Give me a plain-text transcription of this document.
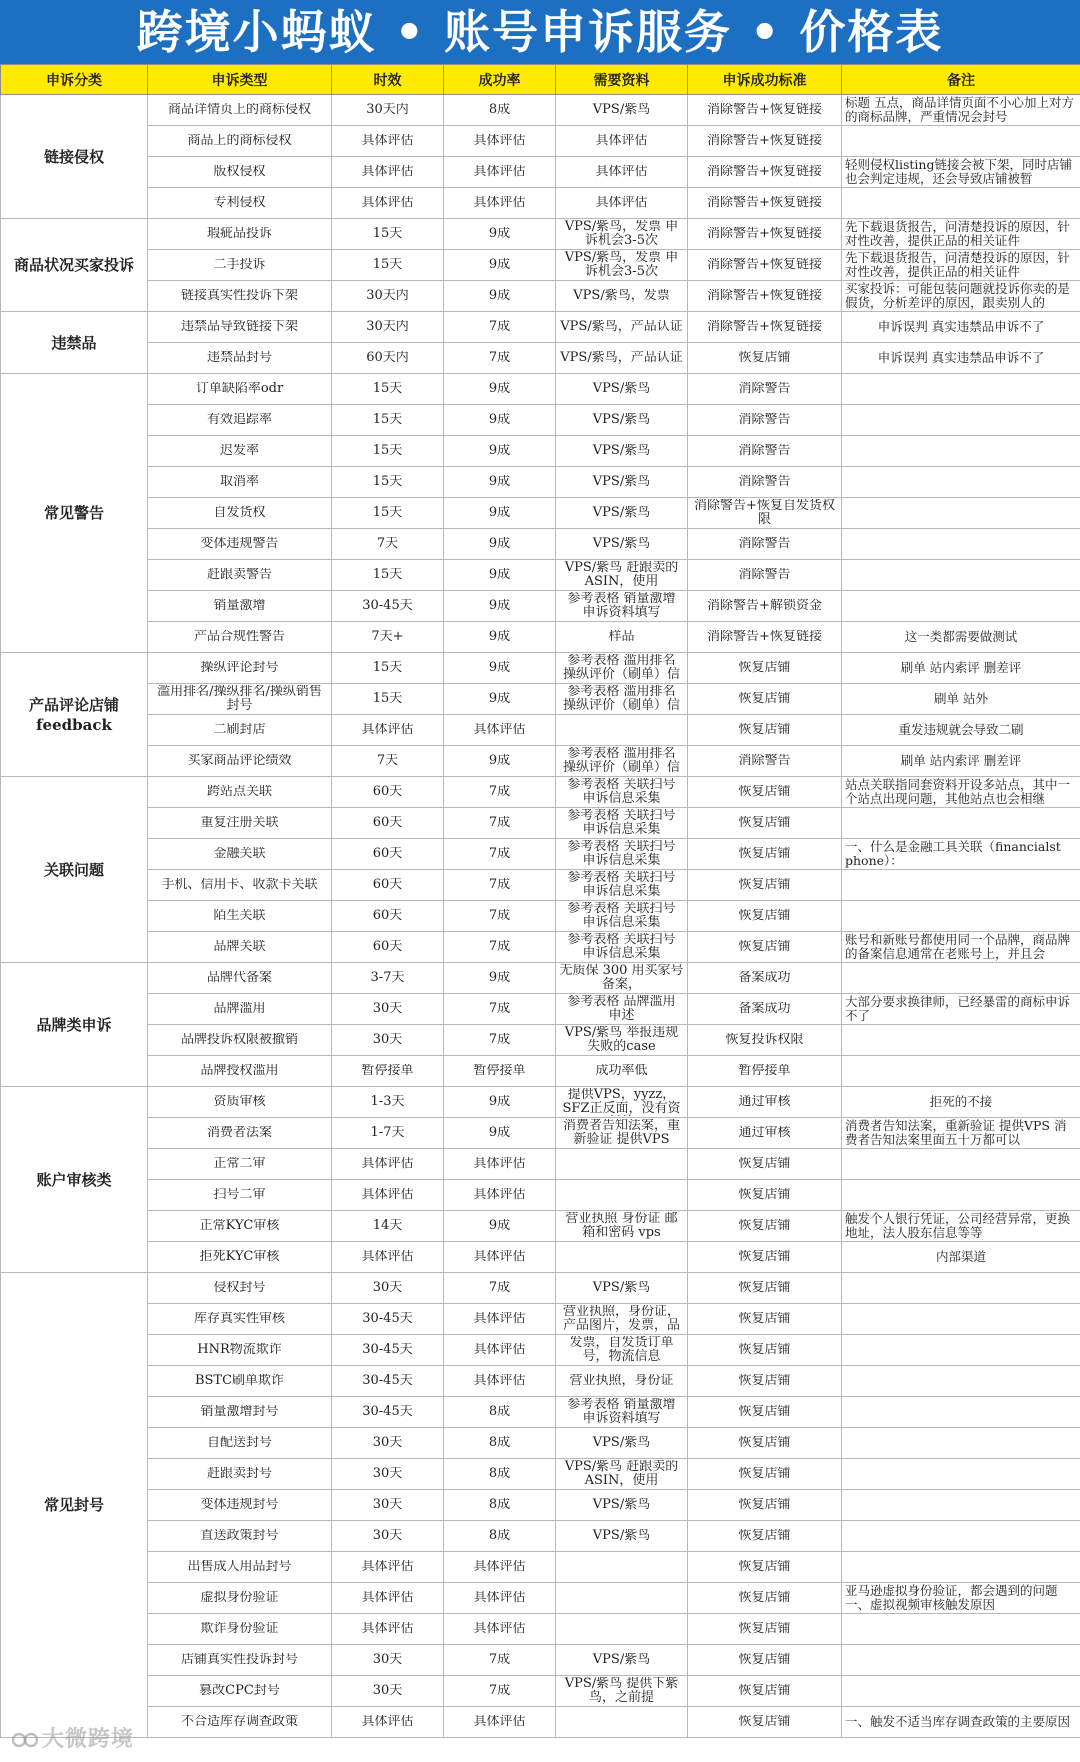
跨境小蚂蚁 • 账号申诉服务 • 价格表
申诉分类	申诉类型	时效	成功率	需要资料	申诉成功标准	备注
链接侵权	商品详情页上的商标侵权	30天内	8成	VPS/紫鸟	消除警告+恢复链接	标题 五点，商品详情页面不小心加上对方的商标品牌，严重情况会封号

	商品上的商标侵权	具体评估	具体评估	具体评估	消除警告+恢复链接	

	版权侵权	具体评估	具体评估	具体评估	消除警告+恢复链接	轻则侵权listing链接会被下架，同时店铺也会判定违规，还会导致店铺被暂

	专利侵权	具体评估	具体评估	具体评估	消除警告+恢复链接	

商品状况买家投诉	瑕疵品投诉	15天	9成	VPS/紫鸟，发票 申诉机会3-5次	消除警告+恢复链接	先下载退货报告，问清楚投诉的原因，针对性改善，提供正品的相关证件

	二手投诉	15天	9成	VPS/紫鸟，发票 申诉机会3-5次	消除警告+恢复链接	先下载退货报告，问清楚投诉的原因，针对性改善，提供正品的相关证件

	链接真实性投诉下架	30天内	9成	VPS/紫鸟，发票	消除警告+恢复链接	买家投诉：可能包装问题就投诉你卖的是假货，分析差评的原因，跟卖别人的

违禁品	违禁品导致链接下架	30天内	7成	VPS/紫鸟，产品认证	消除警告+恢复链接	申诉误判 真实违禁品申诉不了

	违禁品封号	60天内	7成	VPS/紫鸟，产品认证	恢复店铺	申诉误判 真实违禁品申诉不了

常见警告	订单缺陷率odr	15天	9成	VPS/紫鸟	消除警告	

	有效追踪率	15天	9成	VPS/紫鸟	消除警告	

	迟发率	15天	9成	VPS/紫鸟	消除警告	

	取消率	15天	9成	VPS/紫鸟	消除警告	

	自发货权	15天	9成	VPS/紫鸟	消除警告+恢复自发货权限	

	变体违规警告	7天	9成	VPS/紫鸟	消除警告	

	赶跟卖警告	15天	9成	VPS/紫鸟 赶跟卖的ASIN，使用	消除警告	

	销量激增	30-45天	9成	参考表格 销量激增 申诉资料填写	消除警告+解锁资金	

	产品合规性警告	7天+	9成	样品	消除警告+恢复链接	这一类都需要做测试

产品评论店铺 feedback	操纵评论封号	15天	9成	参考表格 滥用排名 操纵评价（刷单）信	恢复店铺	刷单 站内索评 删差评

	滥用排名/操纵排名/操纵销售封号	15天	9成	参考表格 滥用排名 操纵评价（刷单）信	恢复店铺	刷单 站外

	二刷封店	具体评估	具体评估		恢复店铺	重发违规就会导致二刷

	买家商品评论绩效	7天	9成	参考表格 滥用排名 操纵评价（刷单）信	消除警告	刷单 站内索评 删差评

关联问题	跨站点关联	60天	7成	参考表格 关联扫号 申诉信息采集	恢复店铺	站点关联指同套资料开设多站点，其中一个站点出现问题，其他站点也会相继

	重复注册关联	60天	7成	参考表格 关联扫号 申诉信息采集	恢复店铺	

	金融关联	60天	7成	参考表格 关联扫号 申诉信息采集	恢复店铺	一、什么是金融工具关联（financialst phone）：

	手机、信用卡、收款卡关联	60天	7成	参考表格 关联扫号 申诉信息采集	恢复店铺	

	陌生关联	60天	7成	参考表格 关联扫号 申诉信息采集	恢复店铺	

	品牌关联	60天	7成	参考表格 关联扫号 申诉信息采集	恢复店铺	账号和新账号都使用同一个品牌，商品牌的备案信息通常在老账号上，并且会

品牌类申诉	品牌代备案	3-7天	9成	无质保 300 用买家号备案，	备案成功	

	品牌滥用	30天	7成	参考表格 品牌滥用 申述	备案成功	大部分要求换律师，已经暴雷的商标申诉不了

	品牌投诉权限被撤销	30天	7成	VPS/紫鸟 举报违规失败的case	恢复投诉权限	

	品牌授权滥用	暂停接单	暂停接单	成功率低	暂停接单	

账户审核类	资质审核	1-3天	9成	提供VPS，yyzz，SFZ正反面，没有资	通过审核	拒死的不接

	消费者法案	1-7天	9成	消费者告知法案，重新验证 提供VPS	通过审核	消费者告知法案，重新验证 提供VPS 消费者告知法案里面五十万都可以

	正常二审	具体评估	具体评估		恢复店铺	

	扫号二审	具体评估	具体评估		恢复店铺	

	正常KYC审核	14天	9成	营业执照 身份证 邮箱和密码 vps	恢复店铺	触发个人银行凭证，公司经营异常，更换地址，法人股东信息等等

	拒死KYC审核	具体评估	具体评估		恢复店铺	内部渠道

常见封号	侵权封号	30天	7成	VPS/紫鸟	恢复店铺	

	库存真实性审核	30-45天	具体评估	营业执照，身份证，产品图片，发票，品	恢复店铺	

	HNR物流欺诈	30-45天	具体评估	发票，自发货订单号，物流信息	恢复店铺	

	BSTC刷单欺诈	30-45天	具体评估	营业执照，身份证	恢复店铺	

	销量激增封号	30-45天	8成	参考表格 销量激增 申诉资料填写	恢复店铺	

	自配送封号	30天	8成	VPS/紫鸟	恢复店铺	

	赶跟卖封号	30天	8成	VPS/紫鸟 赶跟卖的ASIN，使用	恢复店铺	

	变体违规封号	30天	8成	VPS/紫鸟	恢复店铺	

	直送政策封号	30天	8成	VPS/紫鸟	恢复店铺	

	出售成人用品封号	具体评估	具体评估		恢复店铺	

	虚拟身份验证	具体评估	具体评估		恢复店铺	亚马逊虚拟身份验证，都会遇到的问题一、虚拟视频审核触发原因

	欺诈身份验证	具体评估	具体评估		恢复店铺	

	店铺真实性投诉封号	30天	7成	VPS/紫鸟	恢复店铺	

	篡改CPC封号	30天	7成	VPS/紫鸟 提供下紫鸟，之前提	恢复店铺	

	不合适库存调查政策	具体评估	具体评估		恢复店铺	一、触发不适当库存调查政策的主要原因
大微跨境
